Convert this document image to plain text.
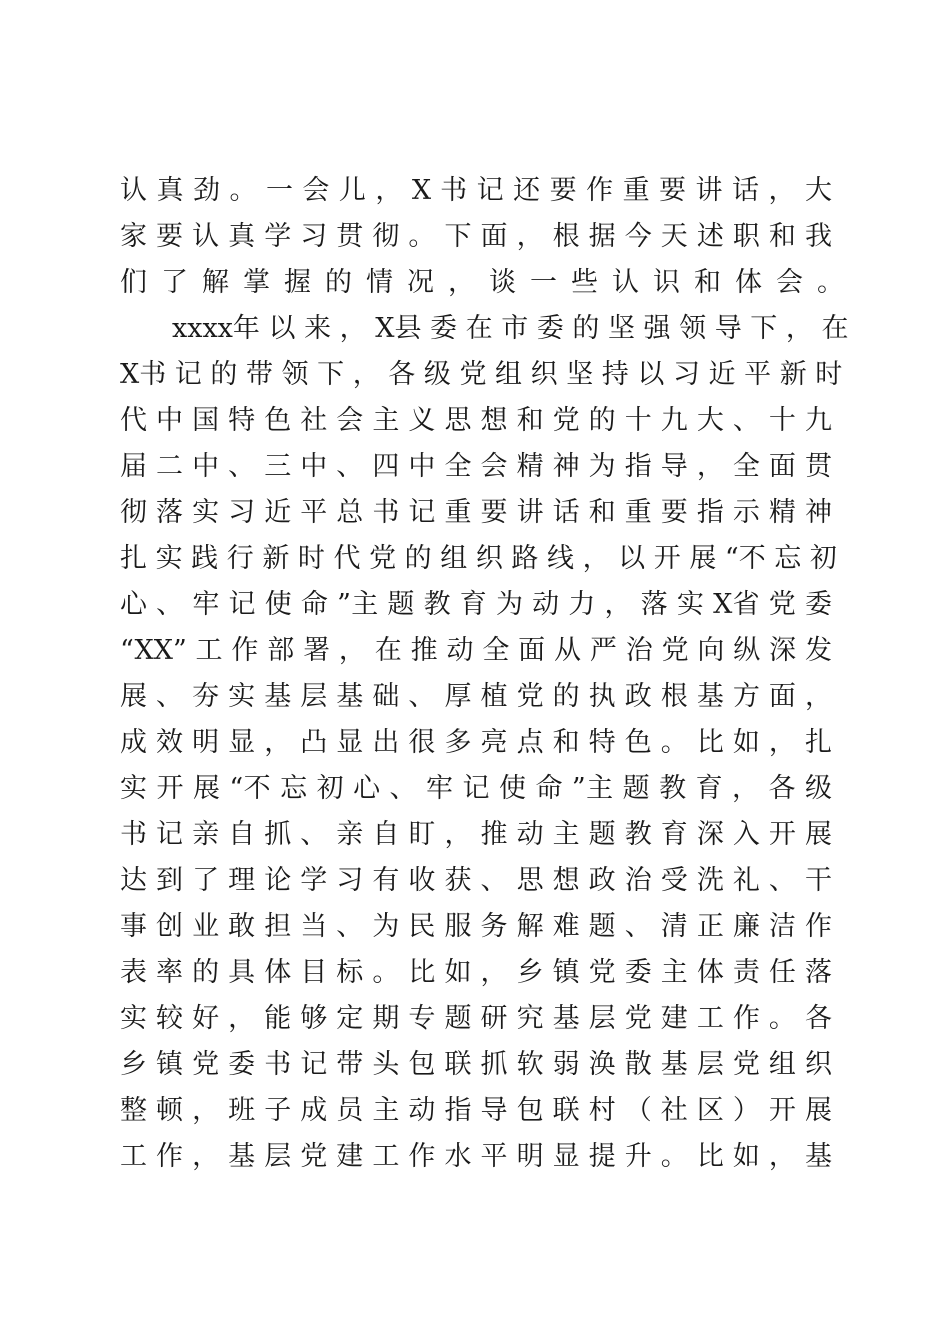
认 真 劲 。 一 会 儿 ， X 书 记 还 要 作 重 要 讲 话 ， 大
家 要 认 真 学 习 贯 彻 。 下 面 ， 根 据 今 天 述 职 和 我
们了解掌握的情况，谈一些认识和体会。
xxxx年 以 来 ， X县 委 在 市 委 的 坚 强 领 导 下 ， 在
X书 记 的 带 领 下 ， 各 级 党 组 织 坚 持 以 习 近 平 新 时
代 中 国 特 色 社 会 主 义 思 想 和 党 的 十 九 大 、 十 九
届 二 中 、 三 中 、 四 中 全 会 精 神 为 指 导 ， 全 面 贯
彻 落 实 习 近 平 总 书 记 重 要 讲 话 和 重 要 指 示 精 神
扎 实 践 行 新 时 代 党 的 组 织 路 线 ， 以 开 展 “不 忘 初
心 、 牢 记 使 命 ”主 题 教 育 为 动 力 ， 落 实 X省 党 委
“XX” 工 作 部 署 ， 在 推 动 全 面 从 严 治 党 向 纵 深 发
展 、 夯 实 基 层 基 础 、 厚 植 党 的 执 政 根 基 方 面 ，
成 效 明 显 ， 凸 显 出 很 多 亮 点 和 特 色 。 比 如 ， 扎
实 开 展 “不 忘 初 心 、 牢 记 使 命 ”主 题 教 育 ， 各 级
书 记 亲 自 抓 、 亲 自 盯 ， 推 动 主 题 教 育 深 入 开 展
达 到 了 理 论 学 习 有 收 获 、 思 想 政 治 受 洗 礼 、 干
事 创 业 敢 担 当 、 为 民 服 务 解 难 题 、 清 正 廉 洁 作
表 率 的 具 体 目 标 。 比 如 ， 乡 镇 党 委 主 体 责 任 落
实 较 好 ， 能 够 定 期 专 题 研 究 基 层 党 建 工 作 。 各
乡 镇 党 委 书 记 带 头 包 联 抓 软 弱 涣 散 基 层 党 组 织
整 顿 ， 班 子 成 员 主 动 指 导 包 联 村 （ 社 区 ） 开 展
工 作 ， 基 层 党 建 工 作 水 平 明 显 提 升 。 比 如 ， 基
